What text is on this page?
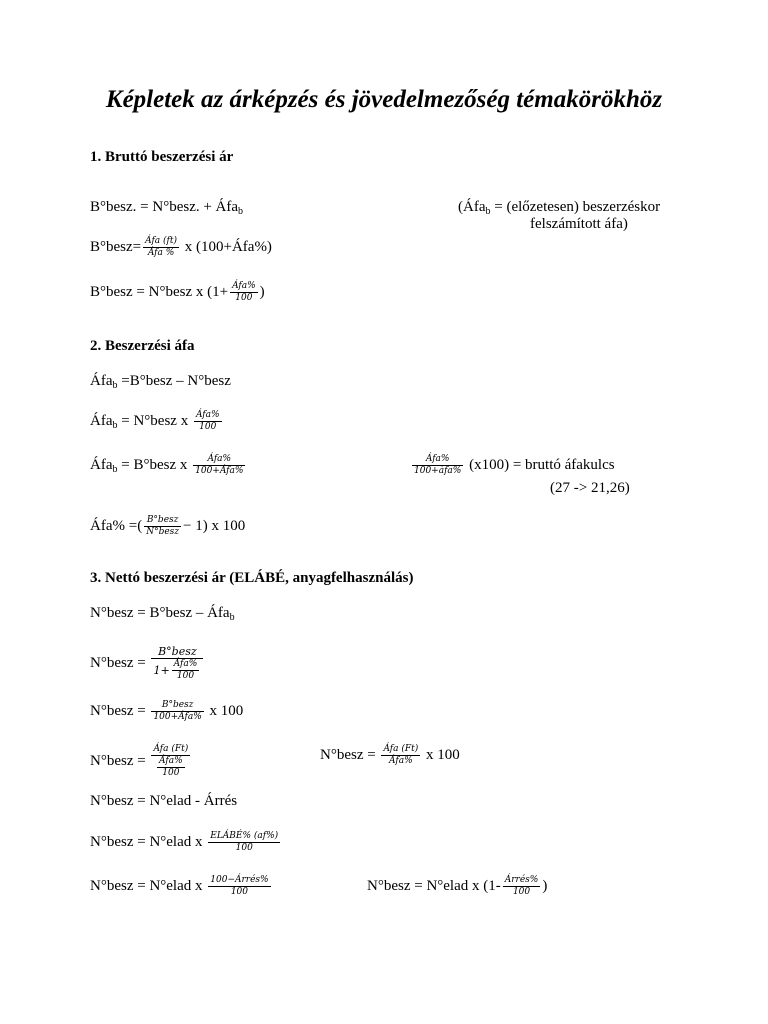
Képletek az árképzés és jövedelmezőség témakörökhöz
1. Bruttó beszerzési ár
B°besz. = N°besz. + Áfa$_b$	(Áfa$_b$ = (előzetesen) beszerzéskor
felszámított áfa)
B°besz= $\frac{\text{Áfa (ft)}}{\text{Áfa \%}}$ x (100+Áfa%)
B°besz = N°besz x ($1+ \frac{\text{Áfa\%}}{100}$ )
2. Beszerzési áfa
Áfa$_b$ =B°besz – N°besz
Áfa$_b$ = N°besz x $\frac{\text{Áfa\%}}{100}$
Áfa$_b$ = B°besz x $\frac{\text{Áfa\%}}{\text{100+Áfa\%}}$	$\frac{\text{Áfa\%}}{\text{100+áfa\%}} (x100)$ = bruttó áfakulcs
(27 -> 21,26)
Áfa% =( $\frac{\text{B°besz}}{\text{N°besz}} - 1$) x 100
3. Nettó beszerzési ár (ELÁBÉ, anyagfelhasználás)
N°besz = B°besz – Áfa$_b$
N°besz = $\frac{\text{B°besz}}{1+ \frac{\text{Áfa\%}}{100}}$
N°besz = $\frac{\text{B°besz}}{\text{100+Áfa\%}}$ x 100
N°besz = $\frac{\text{Áfa (Ft)}}{\frac{\text{Áfa\%}}{100}}$	N°besz = $\frac{\text{Áfa (Ft)}}{\text{Áfa\%}}$ x 100
N°besz = N°elad - Árrés
N°besz = N°elad x $\frac{\text{ELÁBÉ\% (af\%)}}{100}$
N°besz = N°elad x $\frac{\text{100−Árrés\%}}{100}$	N°besz = N°elad x ($1- \frac{\text{Árrés\%}}{100}$ )
